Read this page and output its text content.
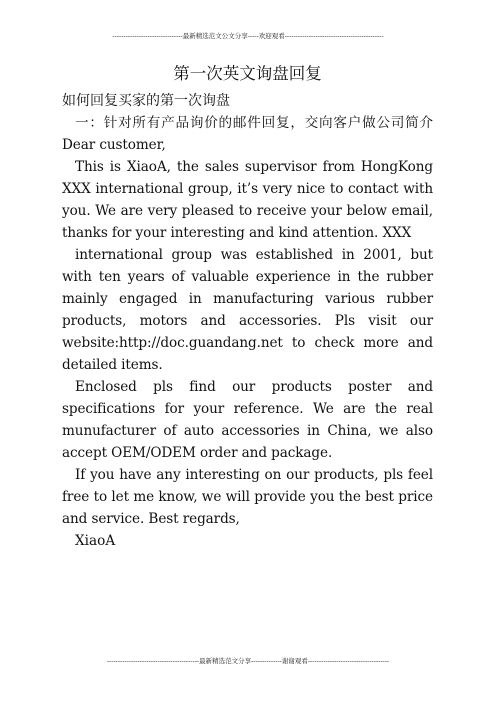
--------------------------------最新精选范文公文分享-----欢迎观看---------------------------------------------
第一次英文询盘回复

如何回复买家的第一次询盘

一：针对所有产品询价的邮件回复，交向客户做公司简介 Dear customer,

This is XiaoA, the sales supervisor from HongKong XXX international group, it’s very nice to contact with you. We are very pleased to receive your below email, thanks for your interesting and kind attention. XXX

international group was established in 2001, but with ten years of valuable experience in the rubber mainly engaged in manufacturing various rubber products, motors and accessories. Pls visit our website:http://doc.guandang.net to check more and detailed items.

Enclosed pls find our products poster and specifications for your reference. We are the real munufacturer of auto accessories in China, we also accept OEM/ODEM order and package.

If you have any interesting on our products, pls feel free to let me know, we will provide you the best price and service. Best regards,

XiaoA

------------------------------------------最新精选范文分享--------------谢谢观看-------------------------------------
